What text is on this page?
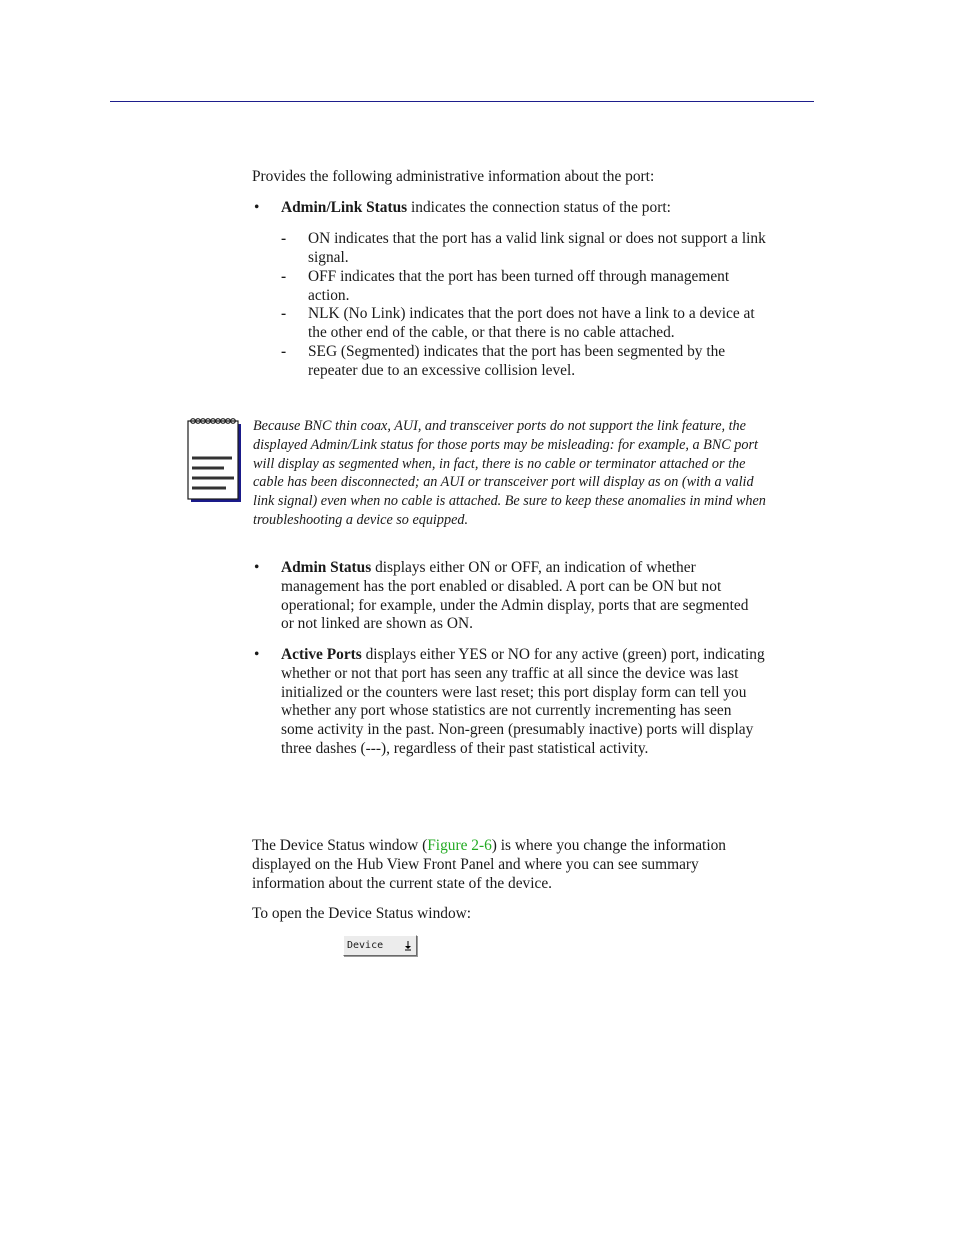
Provides the following administrative information about the port:
• Admin/Link Status indicates the connection status of the port:
- ON indicates that the port has a valid link signal or does not support a link
signal.
- OFF indicates that the port has been turned off through management
action.
- NLK (No Link) indicates that the port does not have a link to a device at
the other end of the cable, or that there is no cable attached.
- SEG (Segmented) indicates that the port has been segmented by the
repeater due to an excessive collision level.
Because BNC thin coax, AUI, and transceiver ports do not support the link feature, the
displayed Admin/Link status for those ports may be misleading: for example, a BNC port
will display as segmented when, in fact, there is no cable or terminator attached or the
cable has been disconnected; an AUI or transceiver port will display as on (with a valid
link signal) even when no cable is attached. Be sure to keep these anomalies in mind when
troubleshooting a device so equipped.
• Admin Status displays either ON or OFF, an indication of whether
management has the port enabled or disabled. A port can be ON but not
operational; for example, under the Admin display, ports that are segmented
or not linked are shown as ON.
• Active Ports displays either YES or NO for any active (green) port, indicating
whether or not that port has seen any traffic at all since the device was last
initialized or the counters were last reset; this port display form can tell you
whether any port whose statistics are not currently incrementing has seen
some activity in the past. Non-green (presumably inactive) ports will display
three dashes (---), regardless of their past statistical activity.
The Device Status window (Figure 2-6) is where you change the information
displayed on the Hub View Front Panel and where you can see summary
information about the current state of the device.
To open the Device Status window:
Device
